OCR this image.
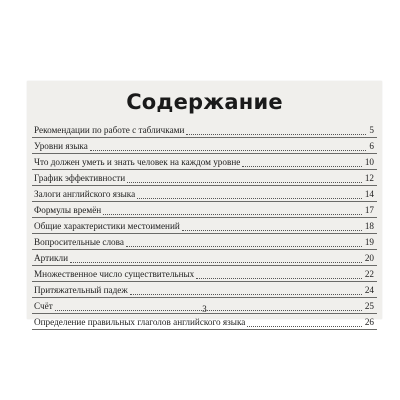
Содержание
Рекомендации по работе с табличками	5
Уровни языка	6
Что должен уметь и знать человек на каждом уровне	10
График эффективности	12
Залоги английского языка	14
Формулы времён	17
Общие характеристики местоимений	18
Вопросительные слова	19
Артикли	20
Множественное число существительных	22
Притяжательный падеж	24
Счёт	25
Определение правильных глаголов английского языка	26
3
